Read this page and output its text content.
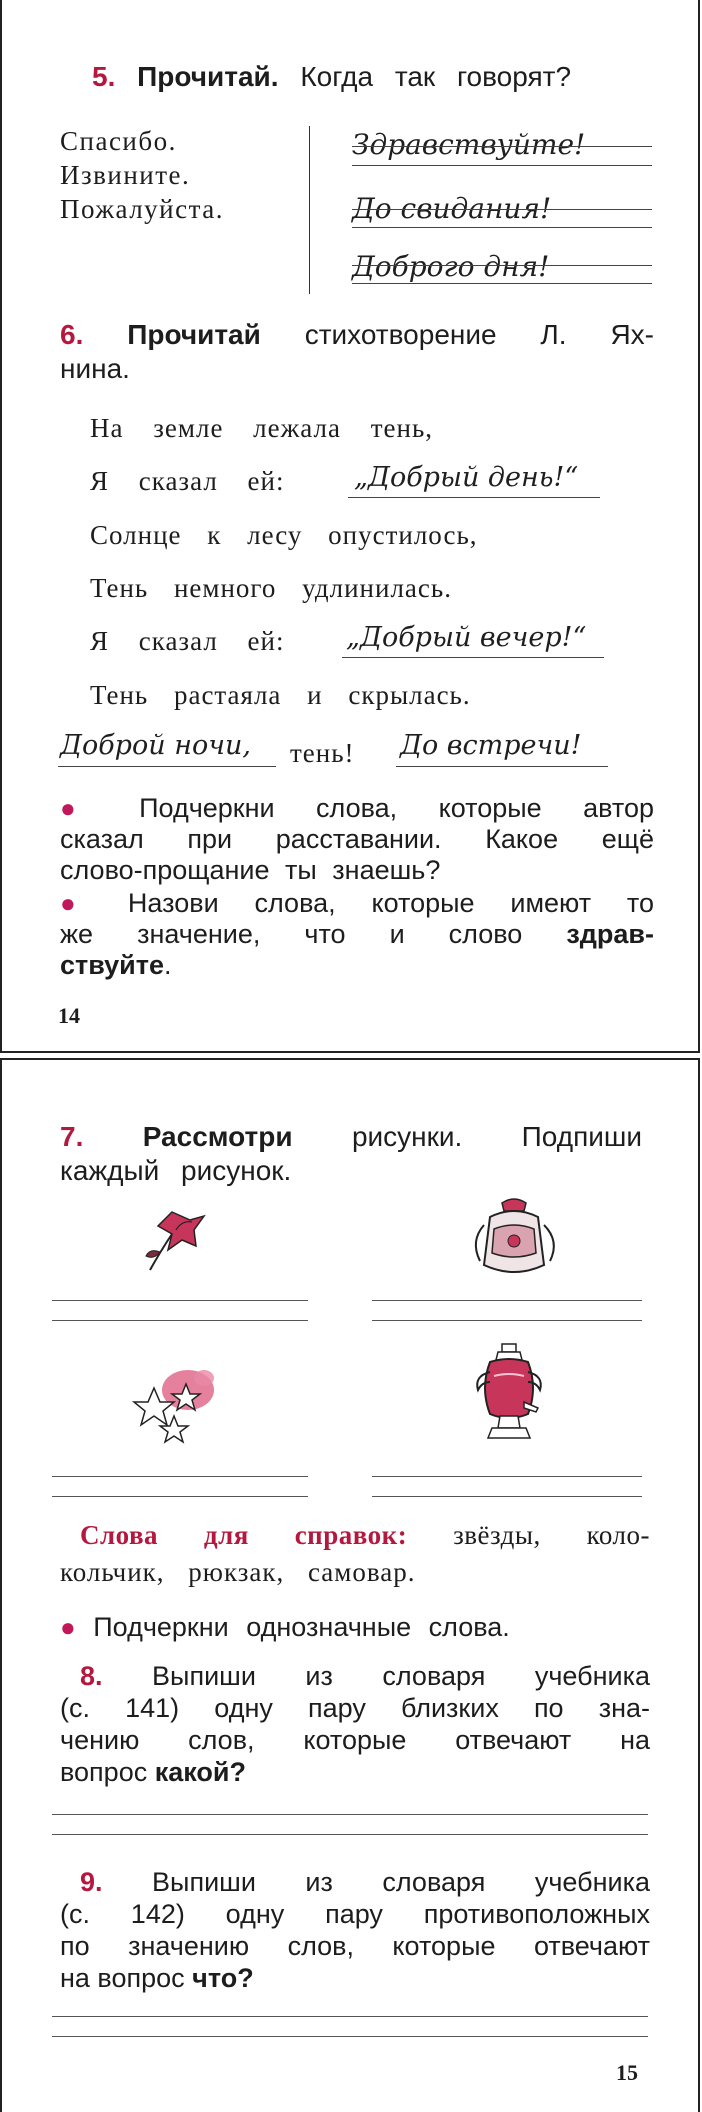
5. Прочитай. Когда так говорят?
Спасибо.
Извините.
Пожалуйста.
Здравствуйте!
До свидания!
Доброго дня!
6. Прочитай стихотворение Л. Ях-
нина.
На земле лежала тень,
Я сказал ей:	„Добрый день!“
Солнце к лесу опустилось,
Тень немного удлинилась.
Я сказал ей: „Добрый вечер!“
Тень растаяла и скрылась.
Доброй ночи, тень! До встречи!
● Подчеркни слова, которые автор
сказал при расставании. Какое ещё
слово-прощание ты знаешь?
● Назови слова, которые имеют то
же значение, что и слово здрав-
ствуйте.
14
7. Рассмотри рисунки. Подпиши
каждый рисунок.
Слова для справок: звёзды, коло-
кольчик, рюкзак, самовар.
● Подчеркни однозначные слова.
8. Выпиши из словаря учебника
(с. 141) одну пару близких по зна-
чению слов, которые отвечают на
вопрос какой?
9. Выпиши из словаря учебника
(с. 142) одну пару противоположных
по значению слов, которые отвечают
на вопрос что?
15
